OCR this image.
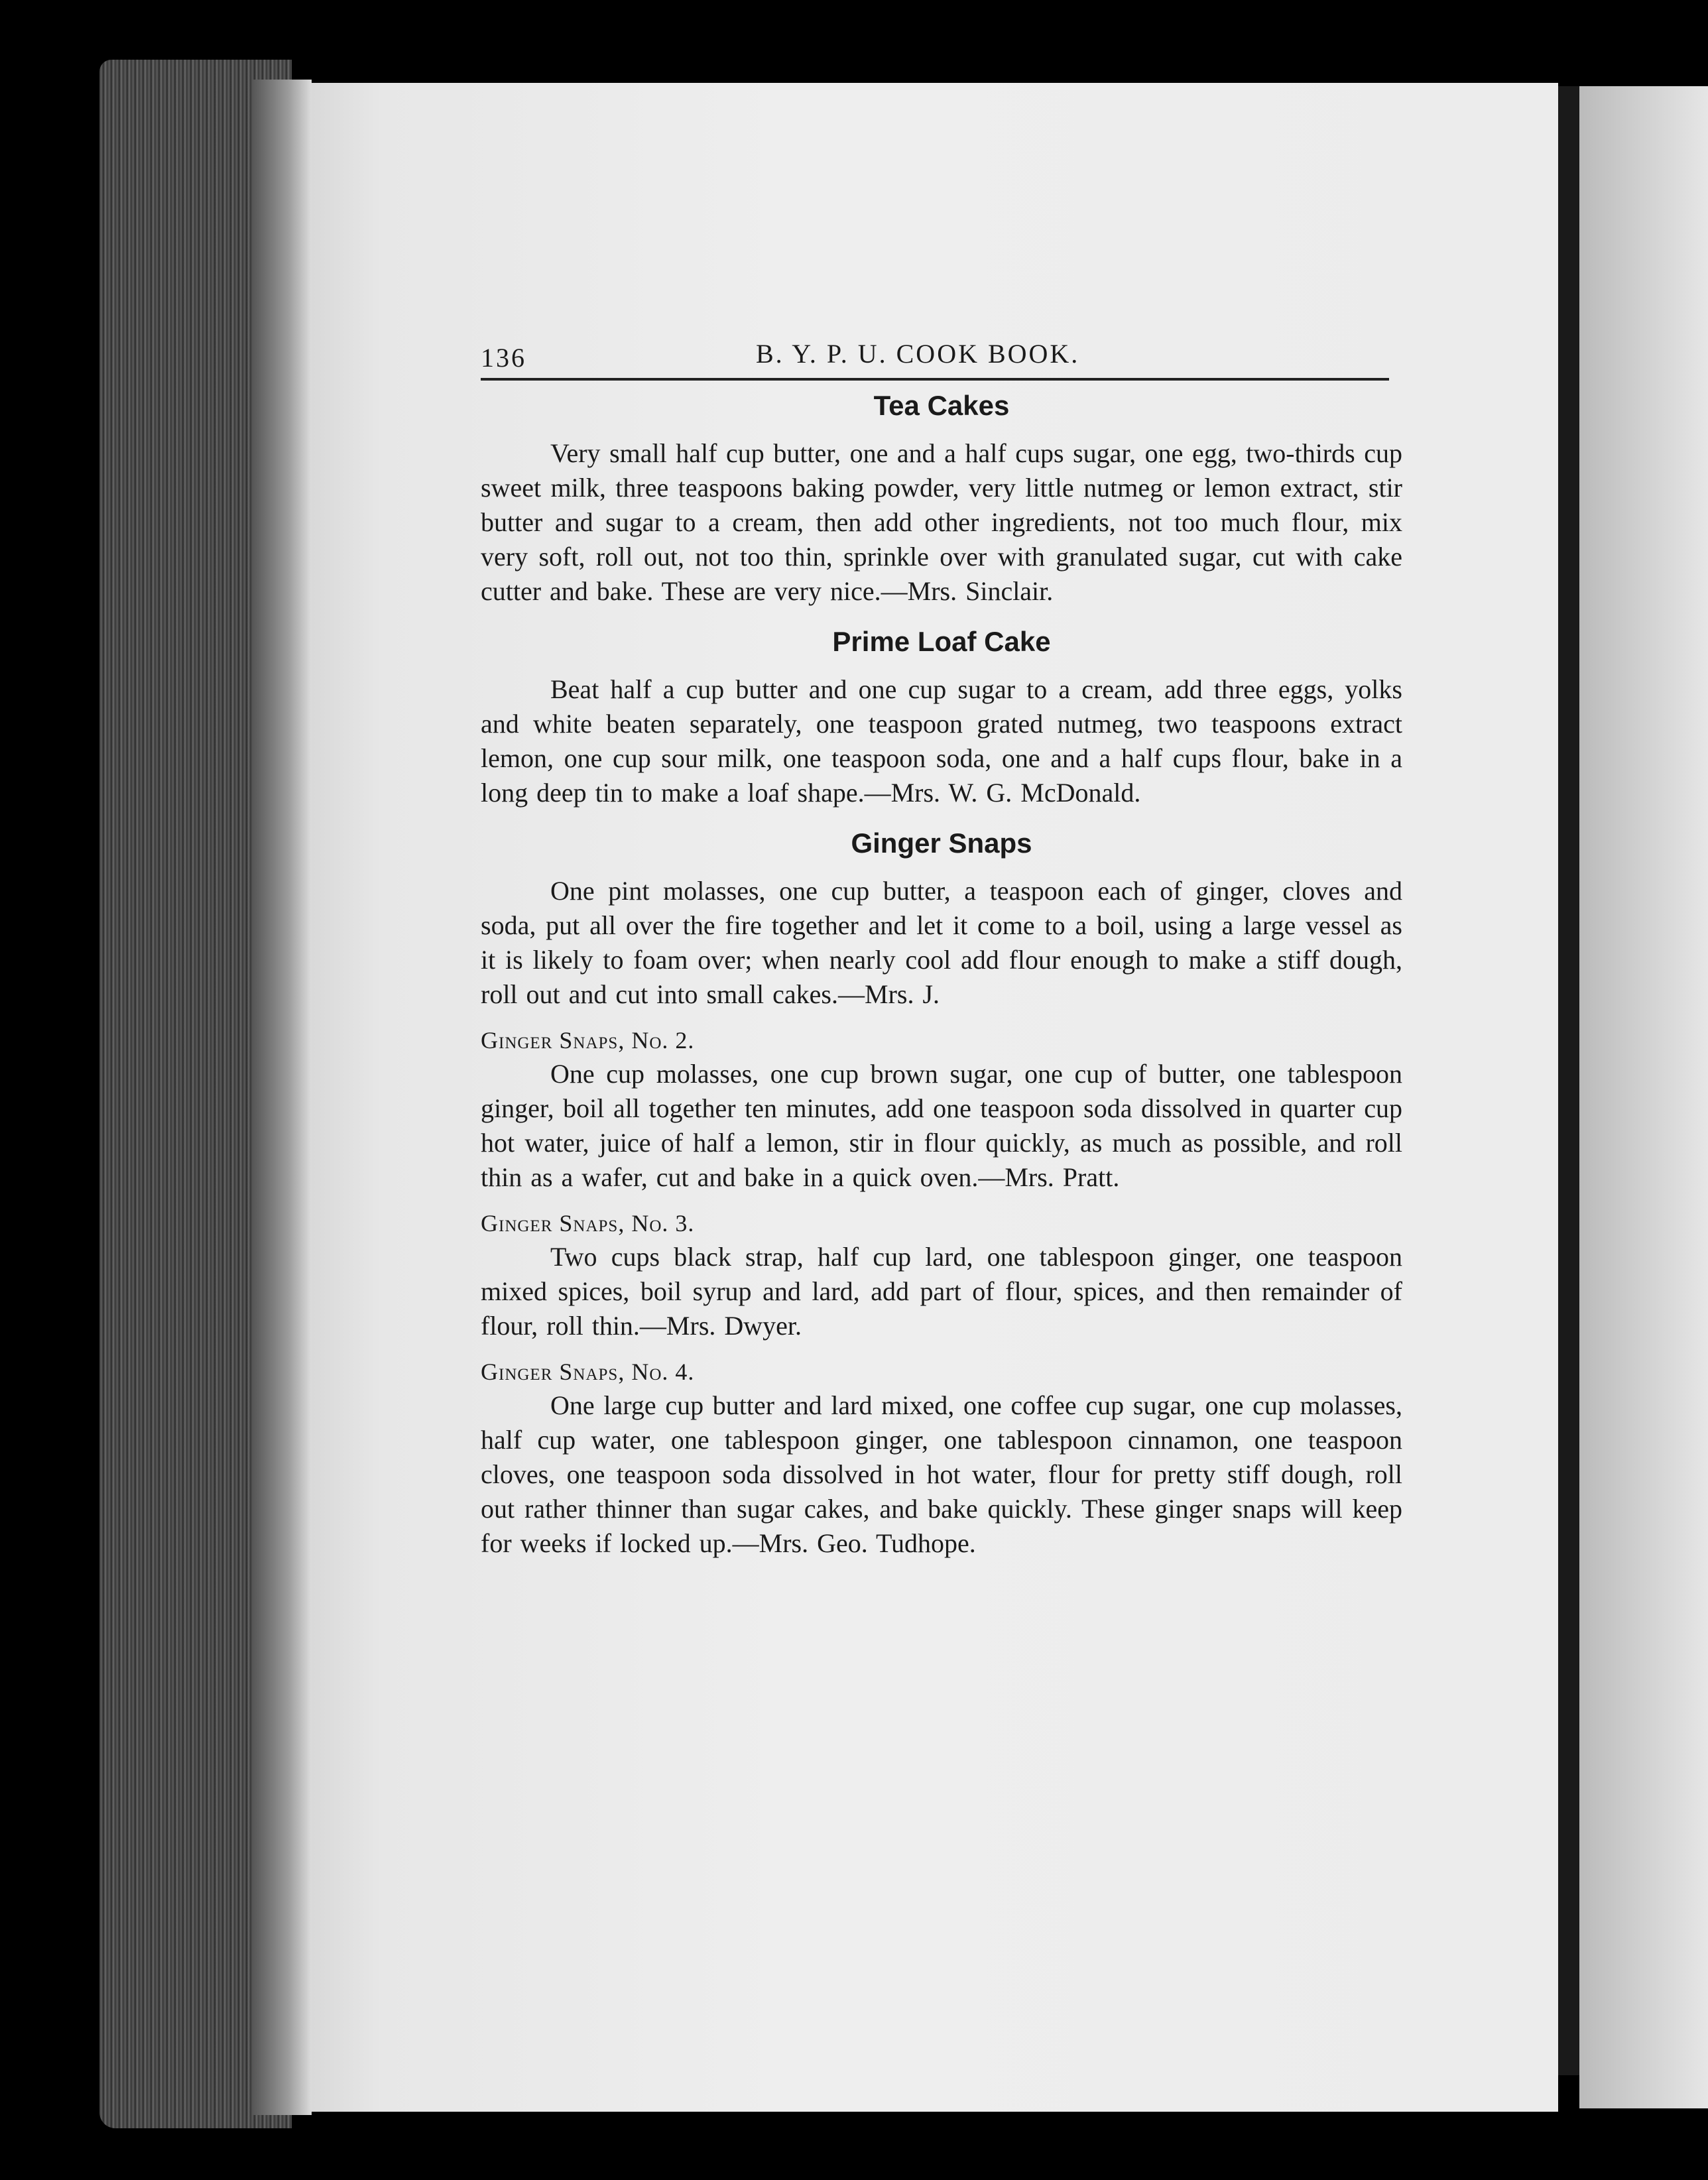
136	B. Y. P. U. COOK BOOK.
Tea Cakes

Very small half cup butter, one and a half cups sugar, one egg, two-thirds cup sweet milk, three teaspoons baking powder, very little nutmeg or lemon extract, stir butter and sugar to a cream, then add other ingredients, not too much flour, mix very soft, roll out, not too thin, sprinkle over with granulated sugar, cut with cake cutter and bake. These are very nice.—Mrs. Sinclair.

Prime Loaf Cake

Beat half a cup butter and one cup sugar to a cream, add three eggs, yolks and white beaten separately, one teaspoon grated nutmeg, two teaspoons extract lemon, one cup sour milk, one teaspoon soda, one and a half cups flour, bake in a long deep tin to make a loaf shape.—Mrs. W. G. McDonald.

Ginger Snaps

One pint molasses, one cup butter, a teaspoon each of ginger, cloves and soda, put all over the fire together and let it come to a boil, using a large vessel as it is likely to foam over; when nearly cool add flour enough to make a stiff dough, roll out and cut into small cakes.—Mrs. J.

Ginger Snaps, No. 2.

One cup molasses, one cup brown sugar, one cup of butter, one tablespoon ginger, boil all together ten minutes, add one teaspoon soda dissolved in quarter cup hot water, juice of half a lemon, stir in flour quickly, as much as possible, and roll thin as a wafer, cut and bake in a quick oven.—Mrs. Pratt.

Ginger Snaps, No. 3.

Two cups black strap, half cup lard, one tablespoon ginger, one teaspoon mixed spices, boil syrup and lard, add part of flour, spices, and then remainder of flour, roll thin.—Mrs. Dwyer.

Ginger Snaps, No. 4.

One large cup butter and lard mixed, one coffee cup sugar, one cup molasses, half cup water, one tablespoon ginger, one tablespoon cinnamon, one teaspoon cloves, one teaspoon soda dissolved in hot water, flour for pretty stiff dough, roll out rather thinner than sugar cakes, and bake quickly. These ginger snaps will keep for weeks if locked up.—Mrs. Geo. Tudhope.
